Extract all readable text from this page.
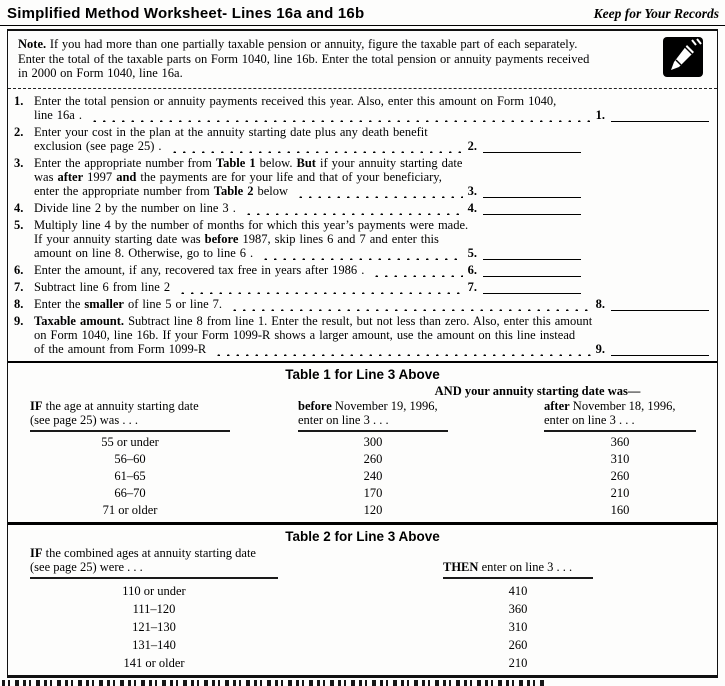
Simplified Method Worksheet- Lines 16a and 16b	Keep for Your Records
Note. If you had more than one partially taxable pension or annuity, figure the taxable part of each separately.
Enter the total of the taxable parts on Form 1040, line 16b. Enter the total pension or annuity payments received
in 2000 on Form 1040, line 16a.
1. Enter the total pension or annuity payments received this year. Also, enter this amount on Form 1040,
line 16a .	1.
2. Enter your cost in the plan at the annuity starting date plus any death benefit
exclusion (see page 25) .	2.
3. Enter the appropriate number from Table 1 below. But if your annuity starting date
was after 1997 and the payments are for your life and that of your beneficiary,
enter the appropriate number from Table 2 below	3.
4. Divide line 2 by the number on line 3 .	4.
5. Multiply line 4 by the number of months for which this year’s payments were made.
If your annuity starting date was before 1987, skip lines 6 and 7 and enter this
amount on line 8. Otherwise, go to line 6 .	5.
6. Enter the amount, if any, recovered tax free in years after 1986 .	6.
7. Subtract line 6 from line 2	7.
8. Enter the smaller of line 5 or line 7.	8.
9. Taxable amount. Subtract line 8 from line 1. Enter the result, but not less than zero. Also, enter this amount
on Form 1040, line 16b. If your Form 1099-R shows a larger amount, use the amount on this line instead
of the amount from Form 1099-R	9.
Table 1 for Line 3 Above
AND your annuity starting date was—
IF the age at annuity starting date
(see page 25) was . . .
before November 19, 1996,
enter on line 3 . . .
after November 18, 1996,
enter on line 3 . . .
55 or under	300	360
56–60	260	310
61–65	240	260
66–70	170	210
71 or older	120	160
Table 2 for Line 3 Above
IF the combined ages at annuity starting date
(see page 25) were . . .	THEN enter on line 3 . . .
110 or under	410
111–120	360
121–130	310
131–140	260
141 or older	210
